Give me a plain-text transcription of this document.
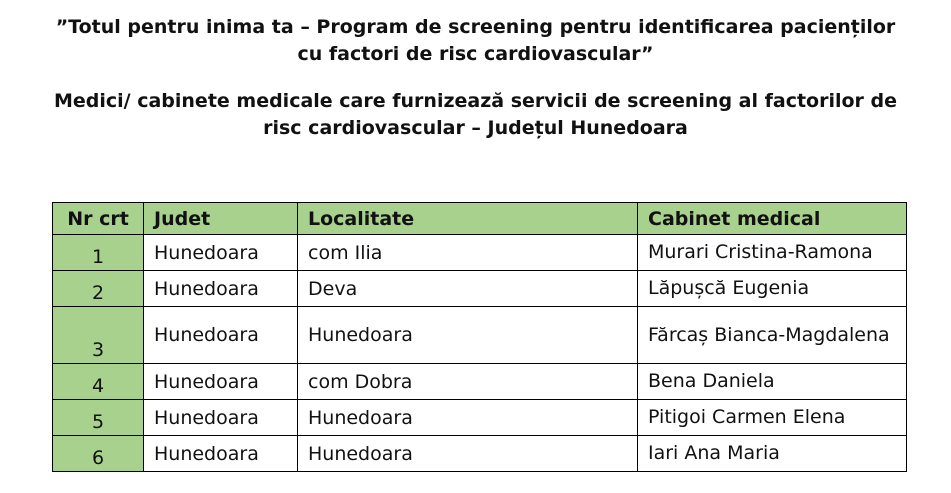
”Totul pentru inima ta – Program de screening pentru identificarea pacienților
cu factori de risc cardiovascular”
Medici/ cabinete medicale care furnizează servicii de screening al factorilor de
risc cardiovascular – Județul Hunedoara
Nr crt	Judet	Localitate	Cabinet medical
1	Hunedoara	com Ilia	Murari Cristina-Ramona
2	Hunedoara	Deva	Lăpușcă Eugenia
3	Hunedoara	Hunedoara	Fărcaș Bianca-Magdalena
4	Hunedoara	com Dobra	Bena Daniela
5	Hunedoara	Hunedoara	Pitigoi Carmen Elena
6	Hunedoara	Hunedoara	Iari Ana Maria
